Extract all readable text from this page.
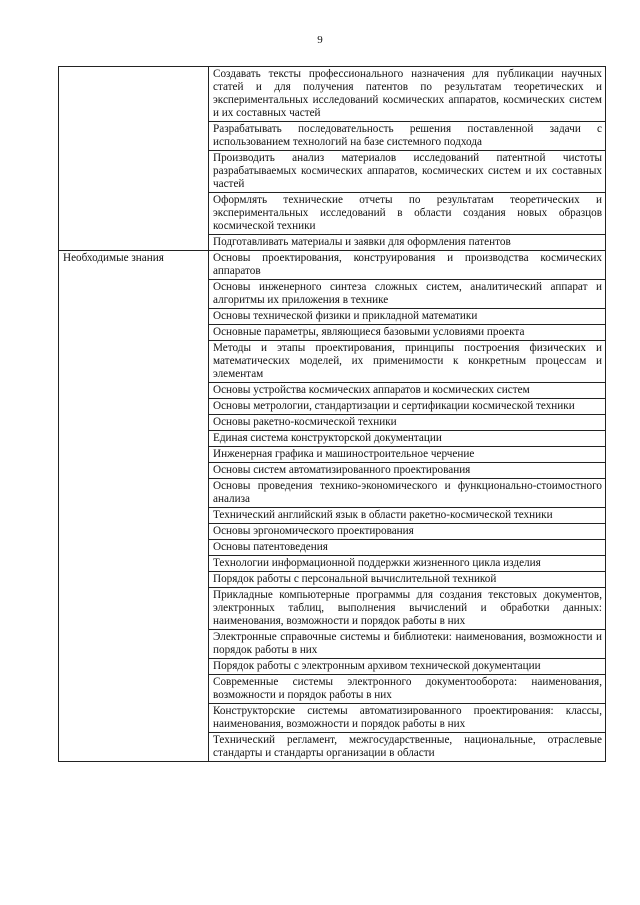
9

	Создавать тексты профессионального назначения для публикации научных статей и для получения патентов по результатам теоретических и экспериментальных исследований космических аппаратов, космических систем и их составных частей

	Разрабатывать последовательность решения поставленной задачи с использованием технологий на базе системного подхода

	Производить анализ материалов исследований патентной чистоты разрабатываемых космических аппаратов, космических систем и их составных частей

	Оформлять технические отчеты по результатам теоретических и экспериментальных исследований в области создания новых образцов космической техники

	Подготавливать материалы и заявки для оформления патентов

Необходимые знания	Основы проектирования, конструирования и производства космических аппаратов

	Основы инженерного синтеза сложных систем, аналитический аппарат и алгоритмы их приложения в технике

	Основы технической физики и прикладной математики

	Основные параметры, являющиеся базовыми условиями проекта

	Методы и этапы проектирования, принципы построения физических и математических моделей, их применимости к конкретным процессам и элементам

	Основы устройства космических аппаратов и космических систем

	Основы метрологии, стандартизации и сертификации космической техники

	Основы ракетно-космической техники

	Единая система конструкторской документации

	Инженерная графика и машиностроительное черчение

	Основы систем автоматизированного проектирования

	Основы проведения технико-экономического и функционально-стоимостного анализа

	Технический английский язык в области ракетно-космической техники

	Основы эргономического проектирования

	Основы патентоведения

	Технологии информационной поддержки жизненного цикла изделия

	Порядок работы с персональной вычислительной техникой

	Прикладные компьютерные программы для создания текстовых документов, электронных таблиц, выполнения вычислений и обработки данных: наименования, возможности и порядок работы в них

	Электронные справочные системы и библиотеки: наименования, возможности и порядок работы в них

	Порядок работы с электронным архивом технической документации

	Современные системы электронного документооборота: наименования, возможности и порядок работы в них

	Конструкторские системы автоматизированного проектирования: классы, наименования, возможности и порядок работы в них

	Технический регламент, межгосударственные, национальные, отраслевые стандарты и стандарты организации в области
